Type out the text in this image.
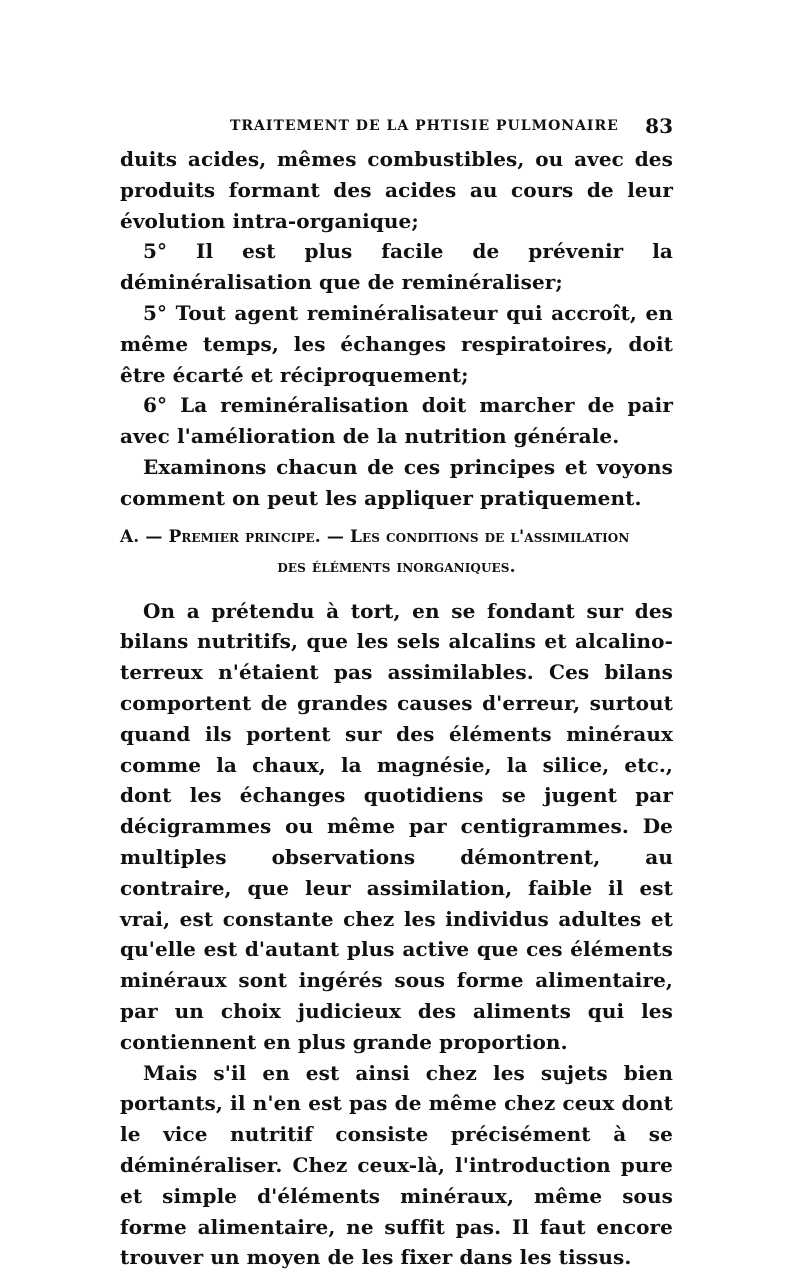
TRAITEMENT DE LA PHTISIE PULMONAIRE 83

duits acides, mêmes combustibles, ou avec des produits formant des acides au cours de leur évolution intra-organique;

5° Il est plus facile de prévenir la déminéralisation que de reminéraliser;

5° Tout agent reminéralisateur qui accroît, en même temps, les échanges respiratoires, doit être écarté et réciproquement;

6° La reminéralisation doit marcher de pair avec l'amélioration de la nutrition générale.

Examinons chacun de ces principes et voyons comment on peut les appliquer pratiquement.

A. — Premier principe. — Les conditions de l'assimilation
des éléments inorganiques.

On a prétendu à tort, en se fondant sur des bilans nutritifs, que les sels alcalins et alcalino-terreux n'étaient pas assimilables. Ces bilans comportent de grandes causes d'erreur, surtout quand ils portent sur des éléments minéraux comme la chaux, la magnésie, la silice, etc., dont les échanges quotidiens se jugent par décigrammes ou même par centigrammes. De multiples observations démontrent, au contraire, que leur assimilation, faible il est vrai, est constante chez les individus adultes et qu'elle est d'autant plus active que ces éléments minéraux sont ingérés sous forme alimentaire, par un choix judicieux des aliments qui les contiennent en plus grande proportion.

Mais s'il en est ainsi chez les sujets bien portants, il n'en est pas de même chez ceux dont le vice nutritif consiste précisément à se déminéraliser. Chez ceux-là, l'introduction pure et simple d'éléments minéraux, même sous forme alimentaire, ne suffit pas. Il faut encore trouver un moyen de les fixer dans les tissus.
